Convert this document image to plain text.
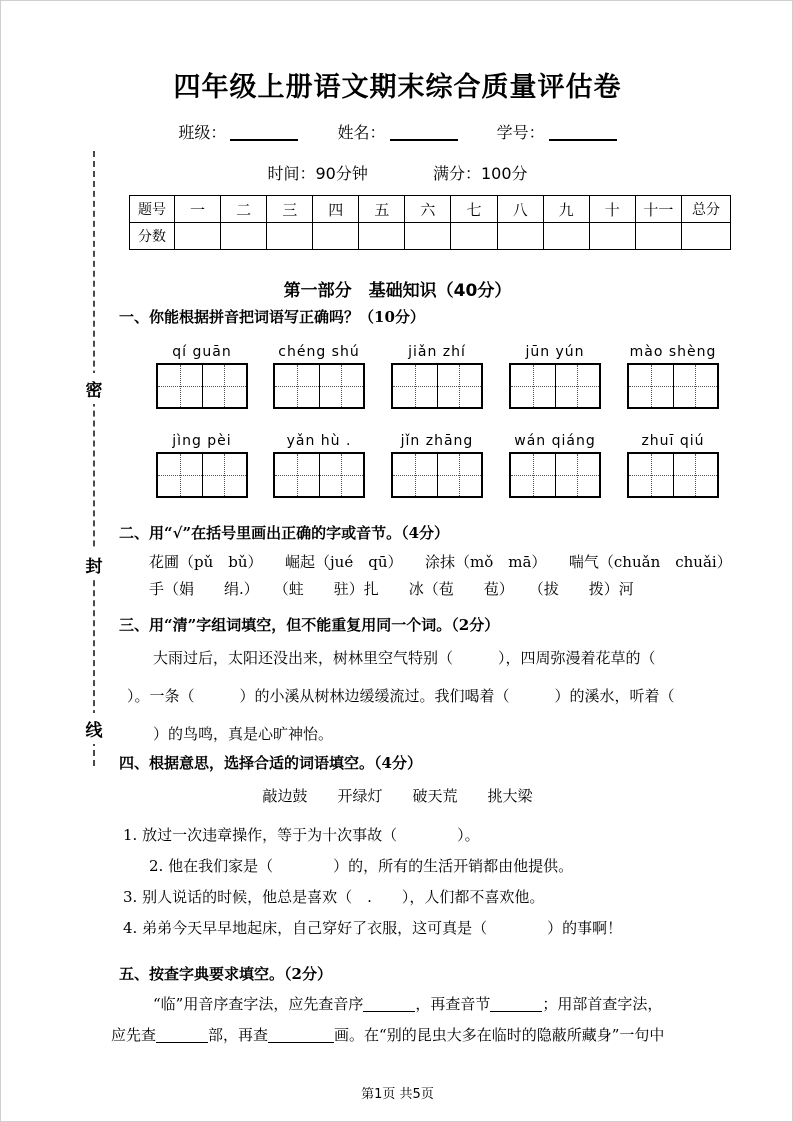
密
封
线
四年级上册语文期末综合质量评估卷
班级：	姓名：	学号：
时间：90分钟	满分：100分
题号	一	二	三	四	五	六	七	八	九	十	十一	总分
分数												
第一部分　基础知识（40分）
一、你能根据拼音把词语写正确吗？（10分）
qí guān	chéng shú	jiǎn zhí	jūn yún	mào shèng
jìng pèi	yǎn hù .	jǐn zhāng	wán qiáng	zhuī qiú
二、用“√”在括号里画出正确的字或音节。（4分）
花圃（pǔ　bǔ）　　崛起（jué　qū）　　涂抹（mǒ　mā）　　喘气（chuǎn　chuǎi）
手（娟　　绢.）　　（蛀　　驻）扎　　冰（苞　　苞）　　（拔　　拨）河
三、用“清”字组词填空，但不能重复用同一个词。（2分）
大雨过后，太阳还没出来，树林里空气特别（　　　），四周弥漫着花草的（
）。一条（　　　）的小溪从树林边缓缓流过。我们喝着（　　　）的溪水，听着（
）的鸟鸣，真是心旷神怡。
四、根据意思，选择合适的词语填空。（4分）
敲边鼓　　开绿灯　　破天荒　　挑大梁
1. 放过一次违章操作，等于为十次事故（　　　　）。
2. 他在我们家是（　　　　）的，所有的生活开销都由他提供。
3. 别人说话的时候，他总是喜欢（　.　　），人们都不喜欢他。
4. 弟弟今天早早地起床，自己穿好了衣服，这可真是（　　　　）的事啊！
五、按查字典要求填空。（2分）
“临”用音序查字法，应先查音序	，再查音节	；用部首查字法，
应先查	部，再查	画。在“别的昆虫大多在临时的隐蔽所藏身”一句中
第1页 共5页
